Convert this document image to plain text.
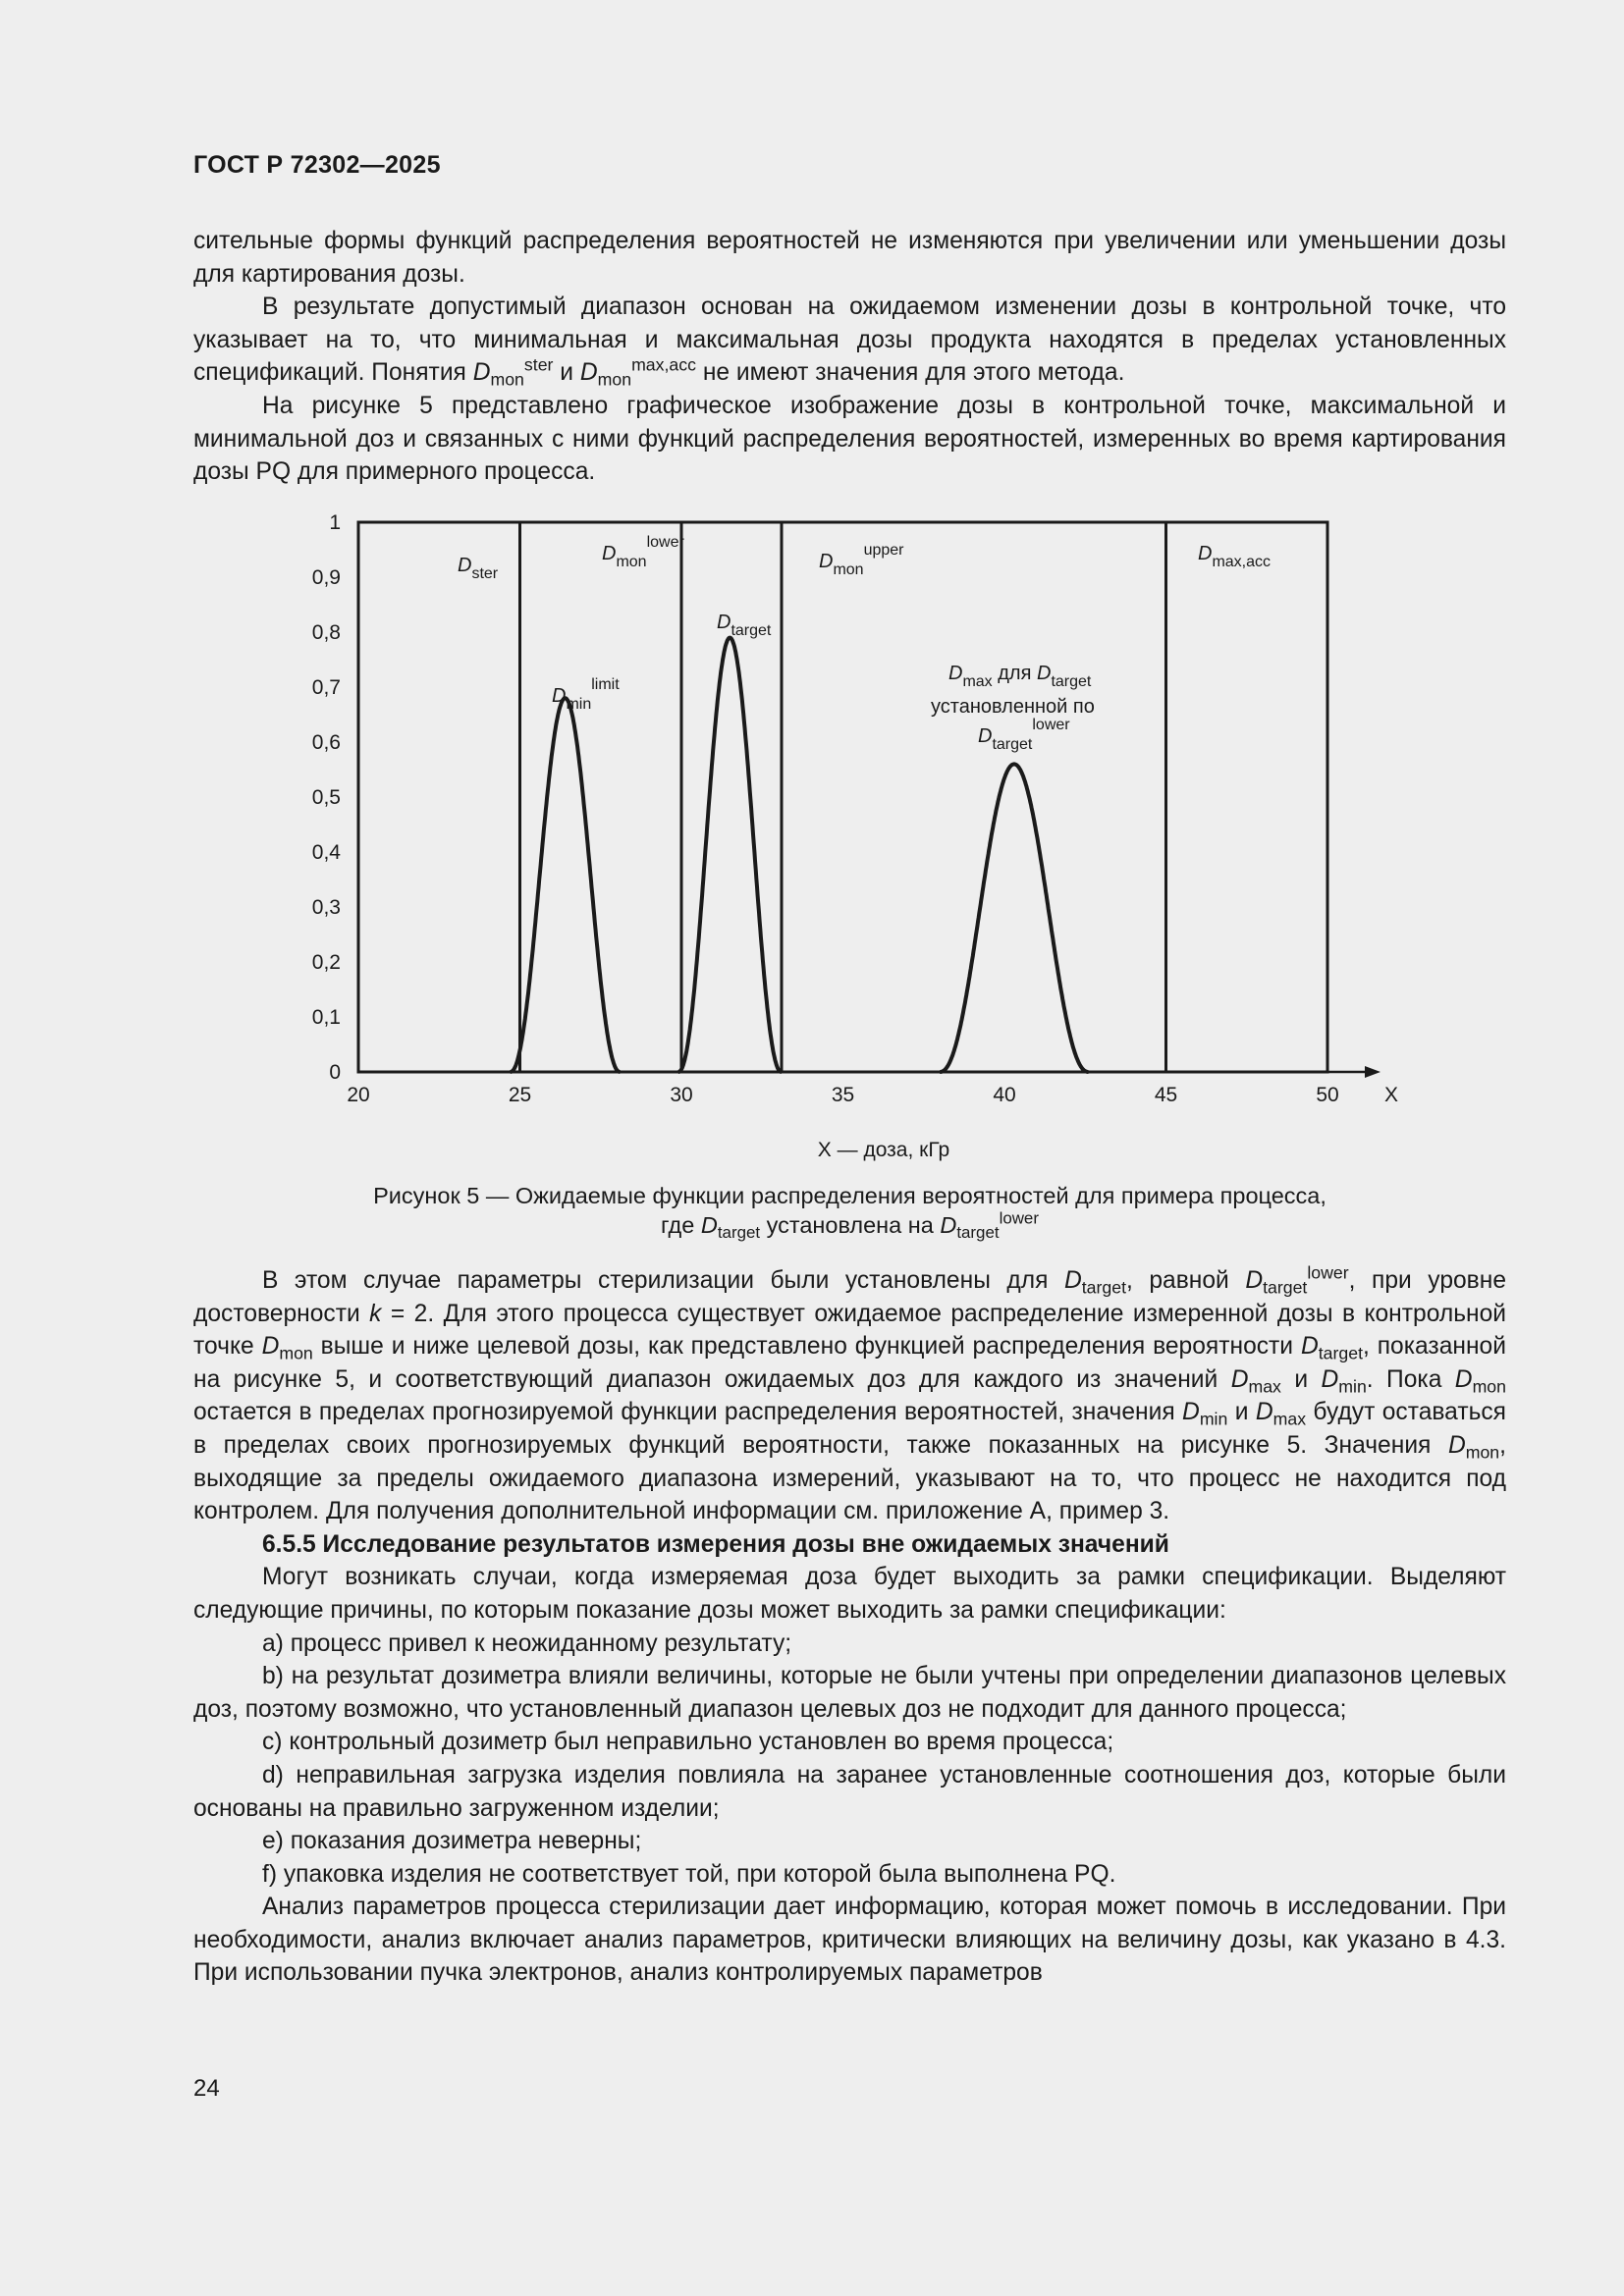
ГОСТ Р 72302—2025

сительные формы функций распределения вероятностей не изменяются при увеличении или уменьшении дозы для картирования дозы.

В результате допустимый диапазон основан на ожидаемом изменении дозы в контрольной точке, что указывает на то, что минимальная и максимальная дозы продукта находятся в пределах установленных спецификаций. Понятия $D_{mon}^{ster}$ и $D_{mon}^{max,acc}$ не имеют значения для этого метода.

На рисунке 5 представлено графическое изображение дозы в контрольной точке, максимальной и минимальной доз и связанных с ними функций распределения вероятностей, измеренных во время картирования дозы PQ для примерного процесса.

X
20	25	30	35	40	45	50
0
0,1
0,2
0,3
0,4
0,5
0,6
0,7
0,8
0,9
1
$D_{ster}$
$D_{mon}^{lower}$
$D_{mon}^{upper}$	$D_{max,acc}$
$D_{target}$
$D_{min}^{limit}$
$D_{max}$ для $D_{target}$
установленной по
$D_{target}^{lower}$
X — доза, кГр
Рисунок 5 — Ожидаемые функции распределения вероятностей для примера процесса,
где $D_{target}$ установлена на $D_{target}^{lower}$

В этом случае параметры стерилизации были установлены для $D_{target}$, равной $D_{target}^{lower}$, при уровне достоверности k = 2. Для этого процесса существует ожидаемое распределение измеренной дозы в контрольной точке $D_{mon}$ выше и ниже целевой дозы, как представлено функцией распределения вероятности $D_{target}$, показанной на рисунке 5, и соответствующий диапазон ожидаемых доз для каждого из значений $D_{max}$ и $D_{min}$. Пока $D_{mon}$ остается в пределах прогнозируемой функции распределения вероятностей, значения $D_{min}$ и $D_{max}$ будут оставаться в пределах своих прогнозируемых функций вероятности, также показанных на рисунке 5. Значения $D_{mon}$, выходящие за пределы ожидаемого диапазона измерений, указывают на то, что процесс не находится под контролем. Для получения дополнительной информации см. приложение А, пример 3.

6.5.5 Исследование результатов измерения дозы вне ожидаемых значений

Могут возникать случаи, когда измеряемая доза будет выходить за рамки спецификации. Выделяют следующие причины, по которым показание дозы может выходить за рамки спецификации:

a) процесс привел к неожиданному результату;

b) на результат дозиметра влияли величины, которые не были учтены при определении диапазонов целевых доз, поэтому возможно, что установленный диапазон целевых доз не подходит для данного процесса;

c) контрольный дозиметр был неправильно установлен во время процесса;

d) неправильная загрузка изделия повлияла на заранее установленные соотношения доз, которые были основаны на правильно загруженном изделии;

e) показания дозиметра неверны;

f) упаковка изделия не соответствует той, при которой была выполнена PQ.

Анализ параметров процесса стерилизации дает информацию, которая может помочь в исследовании. При необходимости, анализ включает анализ параметров, критически влияющих на величину дозы, как указано в 4.3. При использовании пучка электронов, анализ контролируемых параметров

24
